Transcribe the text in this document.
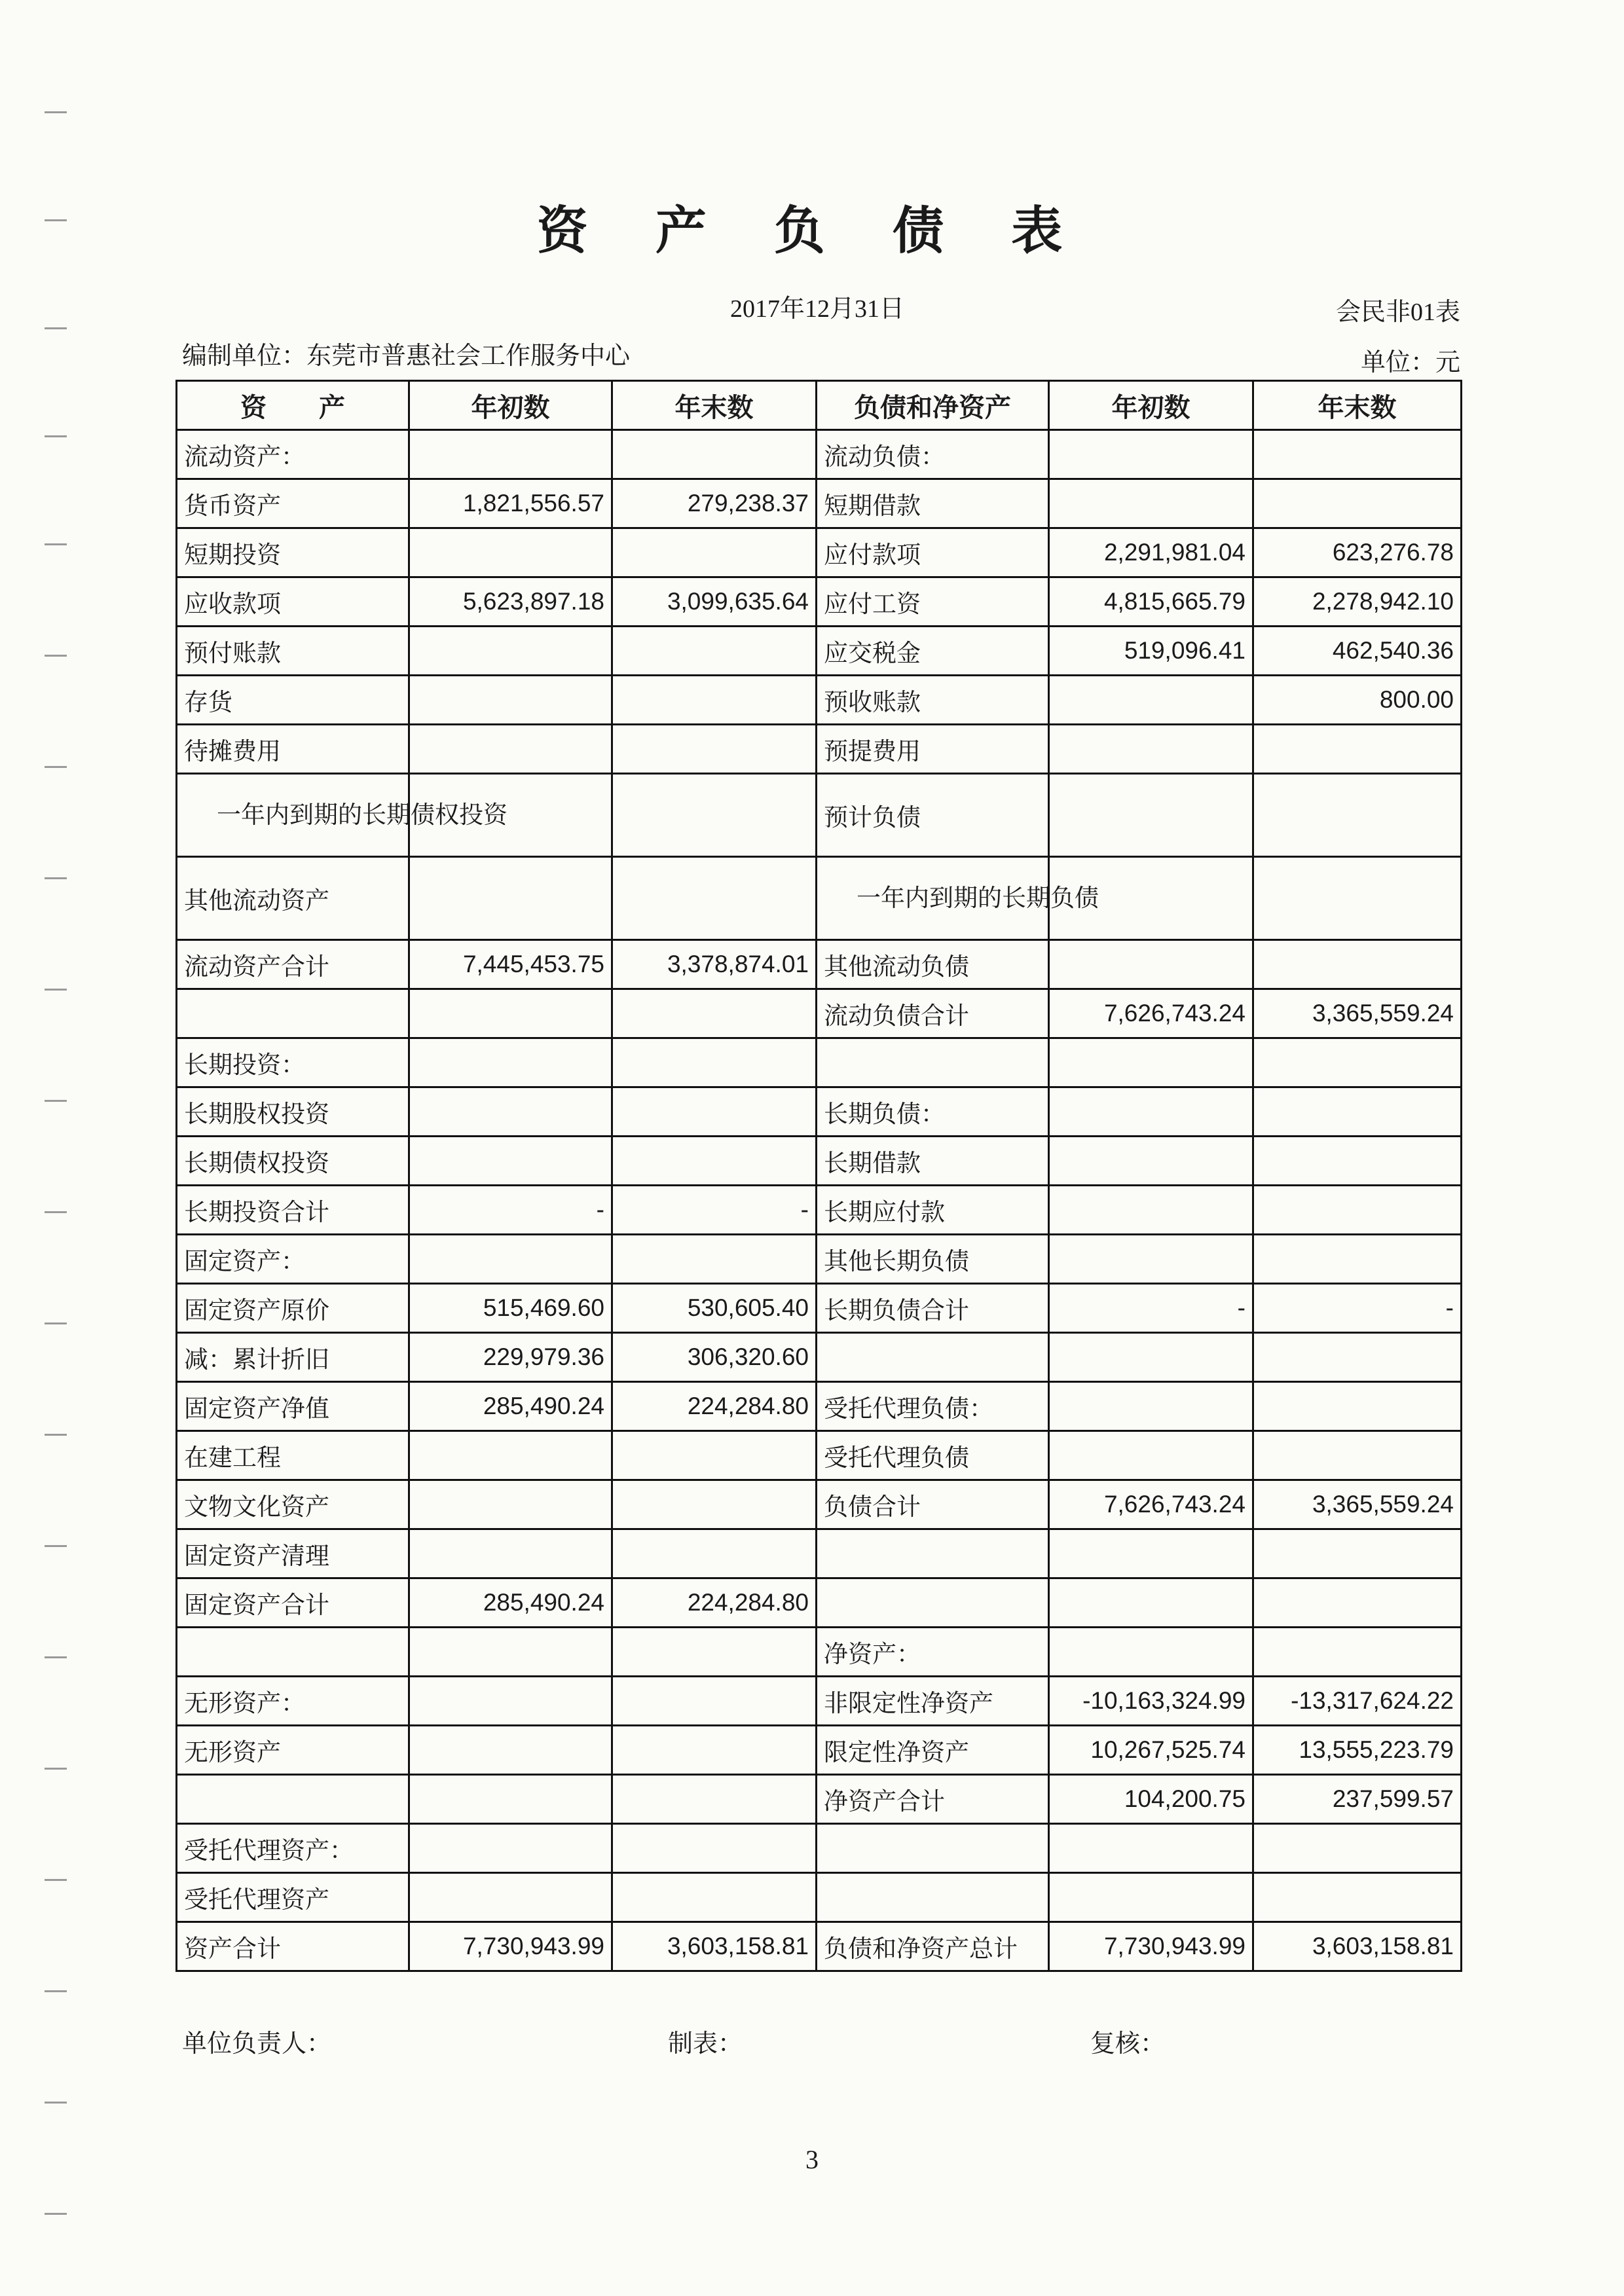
资 产 负 债 表
2017年12月31日	会民非01表
编制单位：东莞市普惠社会工作服务中心	单位：元
资　　产	年初数	年末数	负债和净资产	年初数	年末数
流动资产：			流动负债：		
货币资产	1,821,556.57	279,238.37	短期借款		
短期投资			应付款项	2,291,981.04	623,276.78
应收款项	5,623,897.18	3,099,635.64	应付工资	4,815,665.79	2,278,942.10
预付账款			应交税金	519,096.41	462,540.36
存货			预收账款		800.00
待摊费用			预提费用		
一年内到期的长期债权投资			预计负债		
其他流动资产			一年内到期的长期负债		
流动资产合计	7,445,453.75	3,378,874.01	其他流动负债		
			流动负债合计	7,626,743.24	3,365,559.24
长期投资：					
长期股权投资			长期负债：		
长期债权投资			长期借款		
长期投资合计	-	-	长期应付款		
固定资产：			其他长期负债		
固定资产原价	515,469.60	530,605.40	长期负债合计	-	-
减：累计折旧	229,979.36	306,320.60			
固定资产净值	285,490.24	224,284.80	受托代理负债：		
在建工程			受托代理负债		
文物文化资产			负债合计	7,626,743.24	3,365,559.24
固定资产清理					
固定资产合计	285,490.24	224,284.80			
			净资产：		
无形资产：			非限定性净资产	-10,163,324.99	-13,317,624.22
无形资产			限定性净资产	10,267,525.74	13,555,223.79
			净资产合计	104,200.75	237,599.57
受托代理资产：					
受托代理资产					
资产合计	7,730,943.99	3,603,158.81	负债和净资产总计	7,730,943.99	3,603,158.81
单位负责人：	制表：	复核：
3
